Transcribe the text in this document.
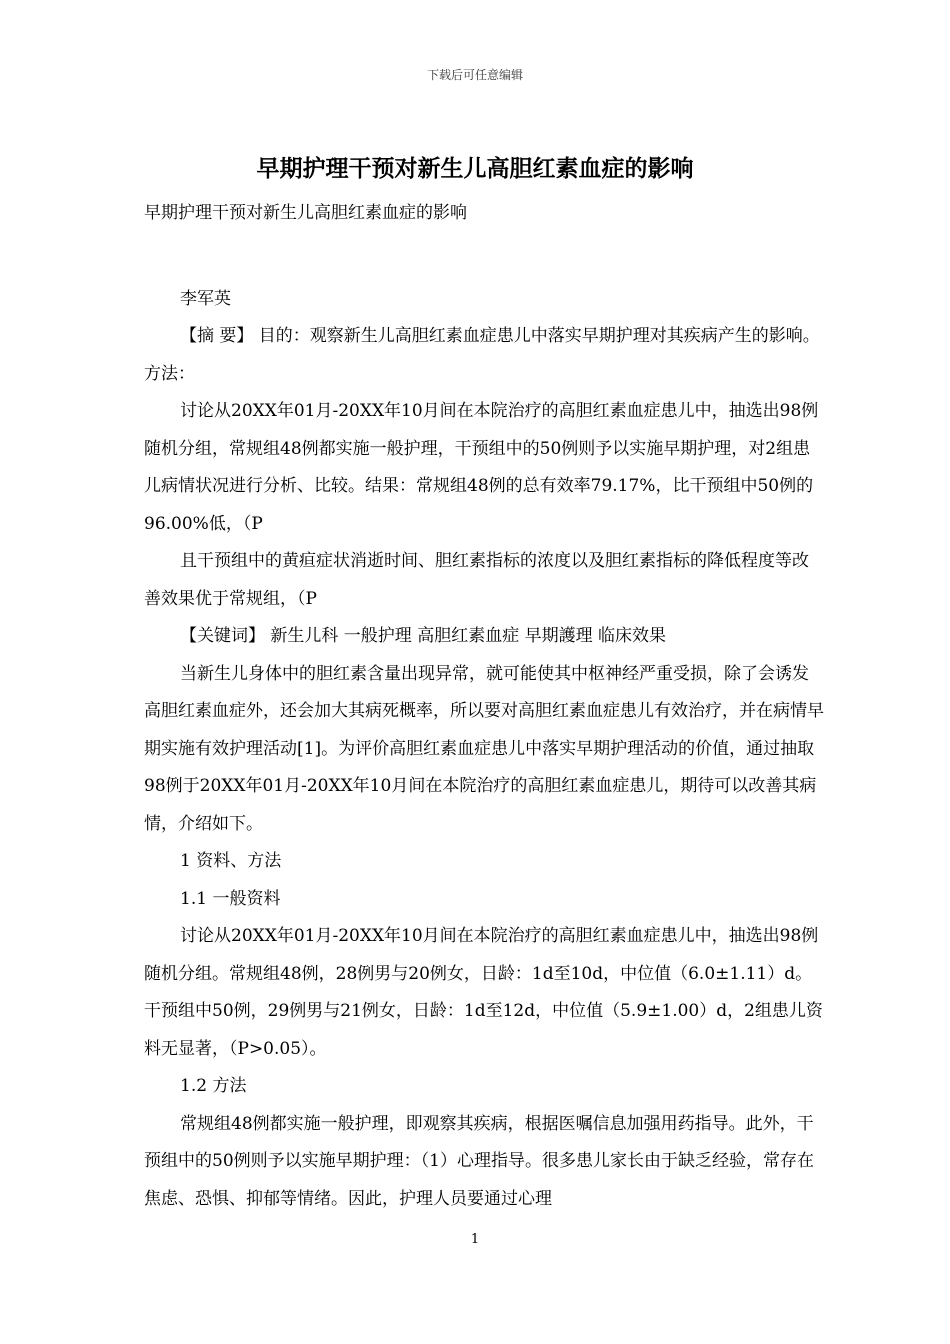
下载后可任意编辑
早期护理干预对新生儿高胆红素血症的影响

早期护理干预对新生儿高胆红素血症的影响

李军英

【摘 要】 目的：观察新生儿高胆红素血症患儿中落实早期护理对其疾病产生的影响。方法：

讨论从20XX年01月-20XX年10月间在本院治疗的高胆红素血症患儿中，抽选出98例随机分组，常规组48例都实施一般护理，干预组中的50例则予以实施早期护理，对2组患儿病情状况进行分析、比较。结果：常规组48例的总有效率79.17%，比干预组中50例的96.00%低，（P

且干预组中的黄疸症状消逝时间、胆红素指标的浓度以及胆红素指标的降低程度等改善效果优于常规组，（P

【关键词】 新生儿科 一般护理 高胆红素血症 早期護理 临床效果

当新生儿身体中的胆红素含量出现异常，就可能使其中枢神经严重受损，除了会诱发高胆红素血症外，还会加大其病死概率，所以要对高胆红素血症患儿有效治疗，并在病情早期实施有效护理活动[1]。为评价高胆红素血症患儿中落实早期护理活动的价值，通过抽取98例于20XX年01月-20XX年10月间在本院治疗的高胆红素血症患儿，期待可以改善其病情，介绍如下。

1 资料、方法

1.1 一般资料

讨论从20XX年01月-20XX年10月间在本院治疗的高胆红素血症患儿中，抽选出98例随机分组。常规组48例，28例男与20例女，日龄：1d至10d，中位值（6.0±1.11）d。干预组中50例，29例男与21例女，日龄：1d至12d，中位值（5.9±1.00）d，2组患儿资料无显著，（P>0.05）。

1.2 方法

常规组48例都实施一般护理，即观察其疾病，根据医嘱信息加强用药指导。此外，干预组中的50例则予以实施早期护理：（1）心理指导。很多患儿家长由于缺乏经验，常存在焦虑、恐惧、抑郁等情绪。因此，护理人员要通过心理

1
